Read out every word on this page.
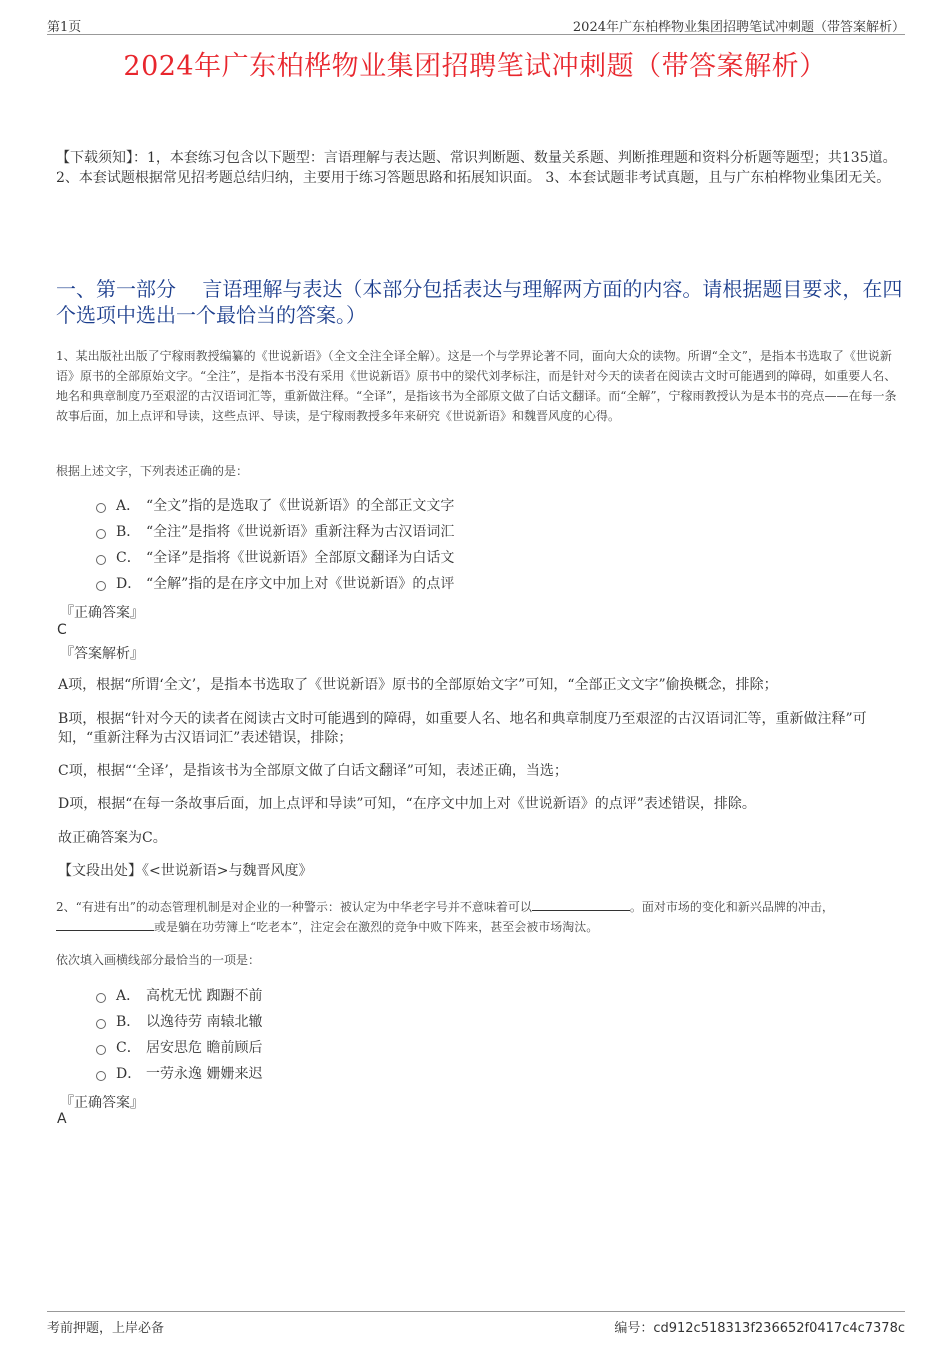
第1页	2024年广东柏桦物业集团招聘笔试冲刺题（带答案解析）
2024年广东柏桦物业集团招聘笔试冲刺题（带答案解析）
【下载须知】：1，本套练习包含以下题型：言语理解与表达题、常识判断题、数量关系题、判断推理题和资料分析题等题型；共135道。 2、本套试题根据常见招考题总结归纳，主要用于练习答题思路和拓展知识面。 3、本套试题非考试真题，且与广东柏桦物业集团无关。
一、第一部分　 言语理解与表达（本部分包括表达与理解两方面的内容。请根据题目要求，在四个选项中选出一个最恰当的答案。）
1、某出版社出版了宁稼雨教授编纂的《世说新语》（全文全注全译全解）。这是一个与学界论著不同，面向大众的读物。所谓“全文”，是指本书选取了《世说新语》原书的全部原始文字。“全注”，是指本书没有采用《世说新语》原书中的梁代刘孝标注，而是针对今天的读者在阅读古文时可能遇到的障碍，如重要人名、地名和典章制度乃至艰涩的古汉语词汇等，重新做注释。“全译”，是指该书为全部原文做了白话文翻译。而“全解”，宁稼雨教授认为是本书的亮点——在每一条故事后面，加上点评和导读，这些点评、导读，是宁稼雨教授多年来研究《世说新语》和魏晋风度的心得。
根据上述文字，下列表述正确的是：
A． “全文”指的是选取了《世说新语》的全部正文文字
B． “全注”是指将《世说新语》重新注释为古汉语词汇
C． “全译”是指将《世说新语》全部原文翻译为白话文
D． “全解”指的是在序文中加上对《世说新语》的点评
『正确答案』
C
『答案解析』
A项，根据“所谓‘全文’，是指本书选取了《世说新语》原书的全部原始文字”可知，“全部正文文字”偷换概念，排除；
B项，根据“针对今天的读者在阅读古文时可能遇到的障碍，如重要人名、地名和典章制度乃至艰涩的古汉语词汇等，重新做注释”可知，“重新注释为古汉语词汇”表述错误，排除；
C项，根据“‘全译’，是指该书为全部原文做了白话文翻译”可知，表述正确，当选；
D项，根据“在每一条故事后面，加上点评和导读”可知，“在序文中加上对《世说新语》的点评”表述错误，排除。
故正确答案为C。
【文段出处】《<世说新语>与魏晋风度》
2、“有进有出”的动态管理机制是对企业的一种警示：被认定为中华老字号并不意味着可以	。面对市场的变化和新兴品牌的冲击，或是躺在功劳簿上“吃老本”，注定会在激烈的竞争中败下阵来，甚至会被市场淘汰。
依次填入画横线部分最恰当的一项是：
A． 高枕无忧 踟蹰不前
B． 以逸待劳 南辕北辙
C． 居安思危 瞻前顾后
D． 一劳永逸 姗姗来迟
『正确答案』
A
考前押题，上岸必备	编号：cd912c518313f236652f0417c4c7378c
